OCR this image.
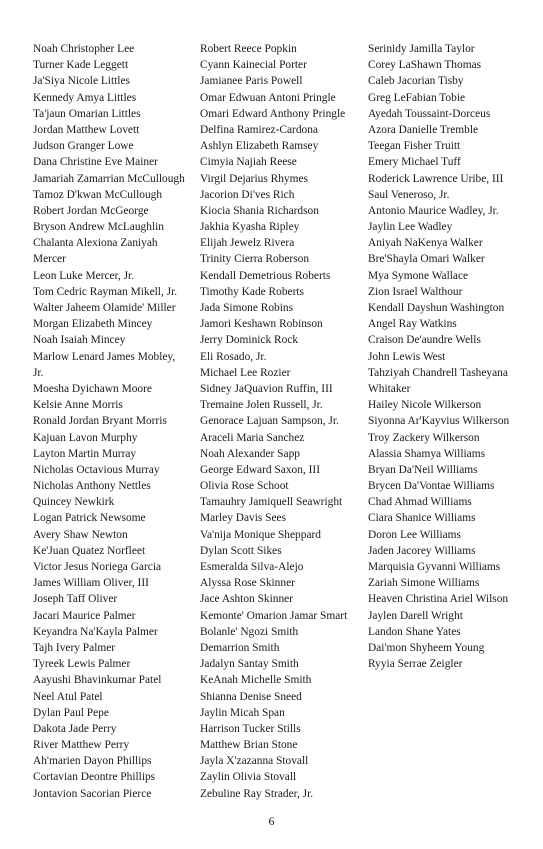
Noah Christopher Lee
Turner Kade Leggett
Ja'Siya Nicole Littles
Kennedy Amya Littles
Ta'jaun Omarian Littles
Jordan Matthew Lovett
Judson Granger Lowe
Dana Christine Eve Mainer
Jamariah Zamarrian McCullough
Tamoz D'kwan McCullough
Robert Jordan McGeorge
Bryson Andrew McLaughlin
Chalanta Alexiona Zaniyah
Mercer
Leon Luke Mercer, Jr.
Tom Cedric Rayman Mikell, Jr.
Walter Jaheem Olamide' Miller
Morgan Elizabeth Mincey
Noah Isaiah Mincey
Marlow Lenard James Mobley,
Jr.
Moesha Dyichawn Moore
Kelsie Anne Morris
Ronald Jordan Bryant Morris
Kajuan Lavon Murphy
Layton Martin Murray
Nicholas Octavious Murray
Nicholas Anthony Nettles
Quincey Newkirk
Logan Patrick Newsome
Avery Shaw Newton
Ke'Juan Quatez Norfleet
Victor Jesus Noriega Garcia
James William Oliver, III
Joseph Taff Oliver
Jacari Maurice Palmer
Keyandra Na'Kayla Palmer
Tajh Ivery Palmer
Tyreek Lewis Palmer
Aayushi Bhavinkumar Patel
Neel Atul Patel
Dylan Paul Pepe
Dakota Jade Perry
River Matthew Perry
Ah'marien Dayon Phillips
Cortavian Deontre Phillips
Jontavion Sacorian Pierce
Robert Reece Popkin
Cyann Kainecial Porter
Jamianee Paris Powell
Omar Edwuan Antoni Pringle
Omari Edward Anthony Pringle
Delfina Ramirez-Cardona
Ashlyn Elizabeth Ramsey
Cimyia Najiah Reese
Virgil Dejarius Rhymes
Jacorion Di'ves Rich
Kiocia Shania Richardson
Jakhia Kyasha Ripley
Elijah Jewelz Rivera
Trinity Cierra Roberson
Kendall Demetrious Roberts
Timothy Kade Roberts
Jada Simone Robins
Jamori Keshawn Robinson
Jerry Dominick Rock
Eli Rosado, Jr.
Michael Lee Rozier
Sidney JaQuavion Ruffin, III
Tremaine Jolen Russell, Jr.
Genorace Lajuan Sampson, Jr.
Araceli Maria Sanchez
Noah Alexander Sapp
George Edward Saxon, III
Olivia Rose Schoot
Tamauhry Jamiquell Seawright
Marley Davis Sees
Va'nija Monique Sheppard
Dylan Scott Sikes
Esmeralda Silva-Alejo
Alyssa Rose Skinner
Jace Ashton Skinner
Kemonte' Omarion Jamar Smart
Bolanle' Ngozi Smith
Demarrion Smith
Jadalyn Santay Smith
KeAnah Michelle Smith
Shianna Denise Sneed
Jaylin Micah Span
Harrison Tucker Stills
Matthew Brian Stone
Jayla X'zazanna Stovall
Zaylin Olivia Stovall
Zebuline Ray Strader, Jr.
Serinidy Jamilla Taylor
Corey LaShawn Thomas
Caleb Jacorian Tisby
Greg LeFabian Tobie
Ayedah Toussaint-Dorceus
Azora Danielle Tremble
Teegan Fisher Truitt
Emery Michael Tuff
Roderick Lawrence Uribe, III
Saul Veneroso, Jr.
Antonio Maurice Wadley, Jr.
Jaylin Lee Wadley
Aniyah NaKenya Walker
Bre'Shayla Omari Walker
Mya Symone Wallace
Zion Israel Walthour
Kendall Dayshun Washington
Angel Ray Watkins
Craison De'aundre Wells
John Lewis West
Tahziyah Chandrell Tasheyana
Whitaker
Hailey Nicole Wilkerson
Siyonna Ar'Kayvius Wilkerson
Troy Zackery Wilkerson
Alassia Shamya Williams
Bryan Da'Neil Williams
Brycen Da'Vontae Williams
Chad Ahmad Williams
Ciara Shanice Williams
Doron Lee Williams
Jaden Jacorey Williams
Marquisia Gyvanni Williams
Zariah Simone Williams
Heaven Christina Ariel Wilson
Jaylen Darell Wright
Landon Shane Yates
Dai'mon Shyheem Young
Ryyia Serrae Zeigler
6
